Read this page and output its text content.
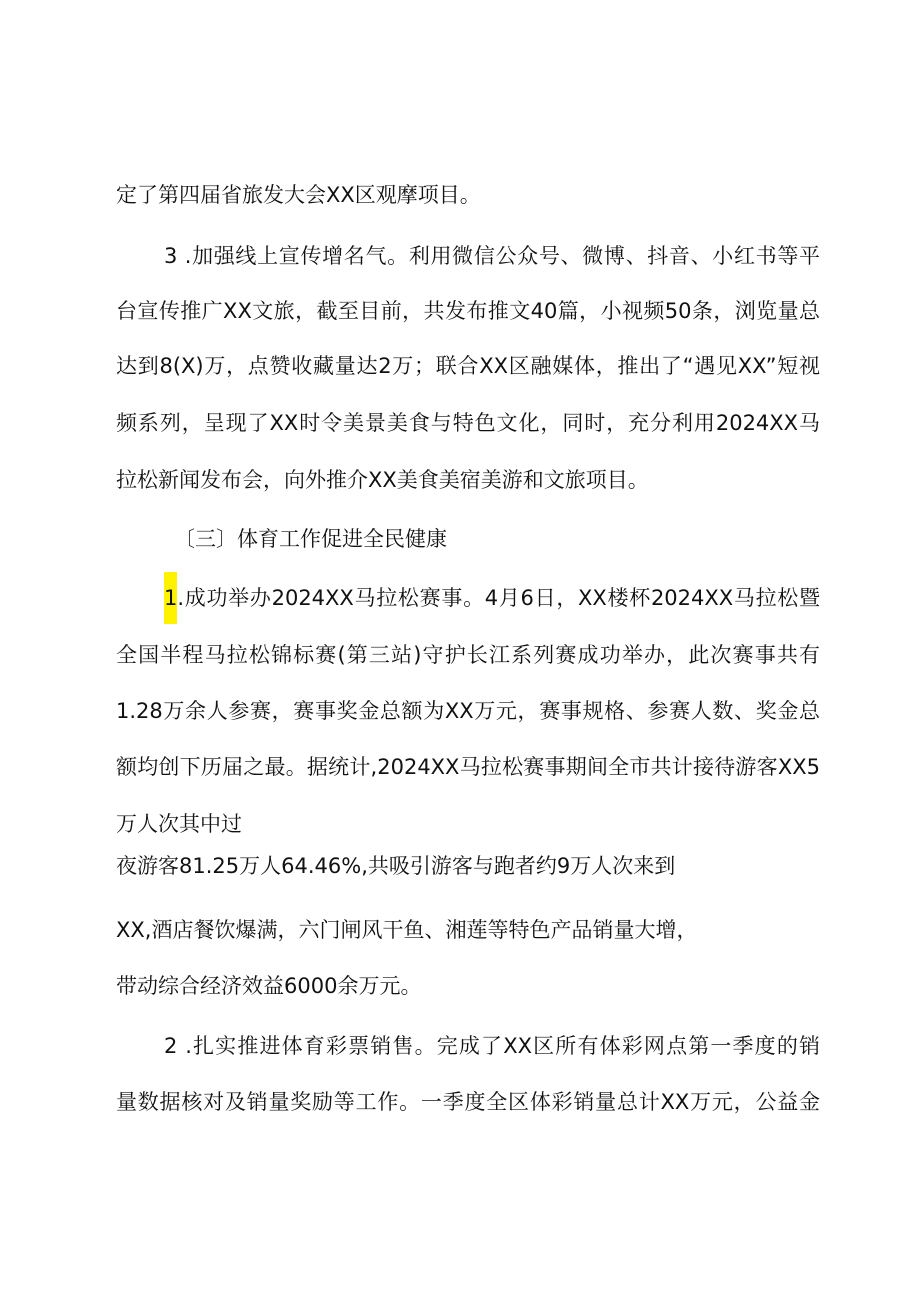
定了第四届省旅发大会XX区观摩项目。
3 .加强线上宣传增名气。利用微信公众号、微博、抖音、小红书等平
台宣传推广XX文旅，截至目前，共发布推文40篇，小视频50条，浏览量总
达到8(X)万，点赞收藏量达2万；联合XX区融媒体，推出了“遇见XX”短视
频系列，呈现了XX时令美景美食与特色文化，同时，充分利用2024XX马
拉松新闻发布会，向外推介XX美食美宿美游和文旅项目。
〔三〕体育工作促进全民健康
1.成功举办2024XX马拉松赛事。4月6日，XX楼杯2024XX马拉松暨
全国半程马拉松锦标赛(第三站)守护长江系列赛成功举办，此次赛事共有
1.28万余人参赛，赛事奖金总额为XX万元，赛事规格、参赛人数、奖金总
额均创下历届之最。据统计,2024XX马拉松赛事期间全市共计接待游客XX5
万人次其中过
夜游客81.25万人64.46%,共吸引游客与跑者约9万人次来到
XX,酒店餐饮爆满，六门闸风干鱼、湘莲等特色产品销量大增，
带动综合经济效益6000余万元。
2 .扎实推进体育彩票销售。完成了XX区所有体彩网点第一季度的销
量数据核对及销量奖励等工作。一季度全区体彩销量总计XX万元，公益金
